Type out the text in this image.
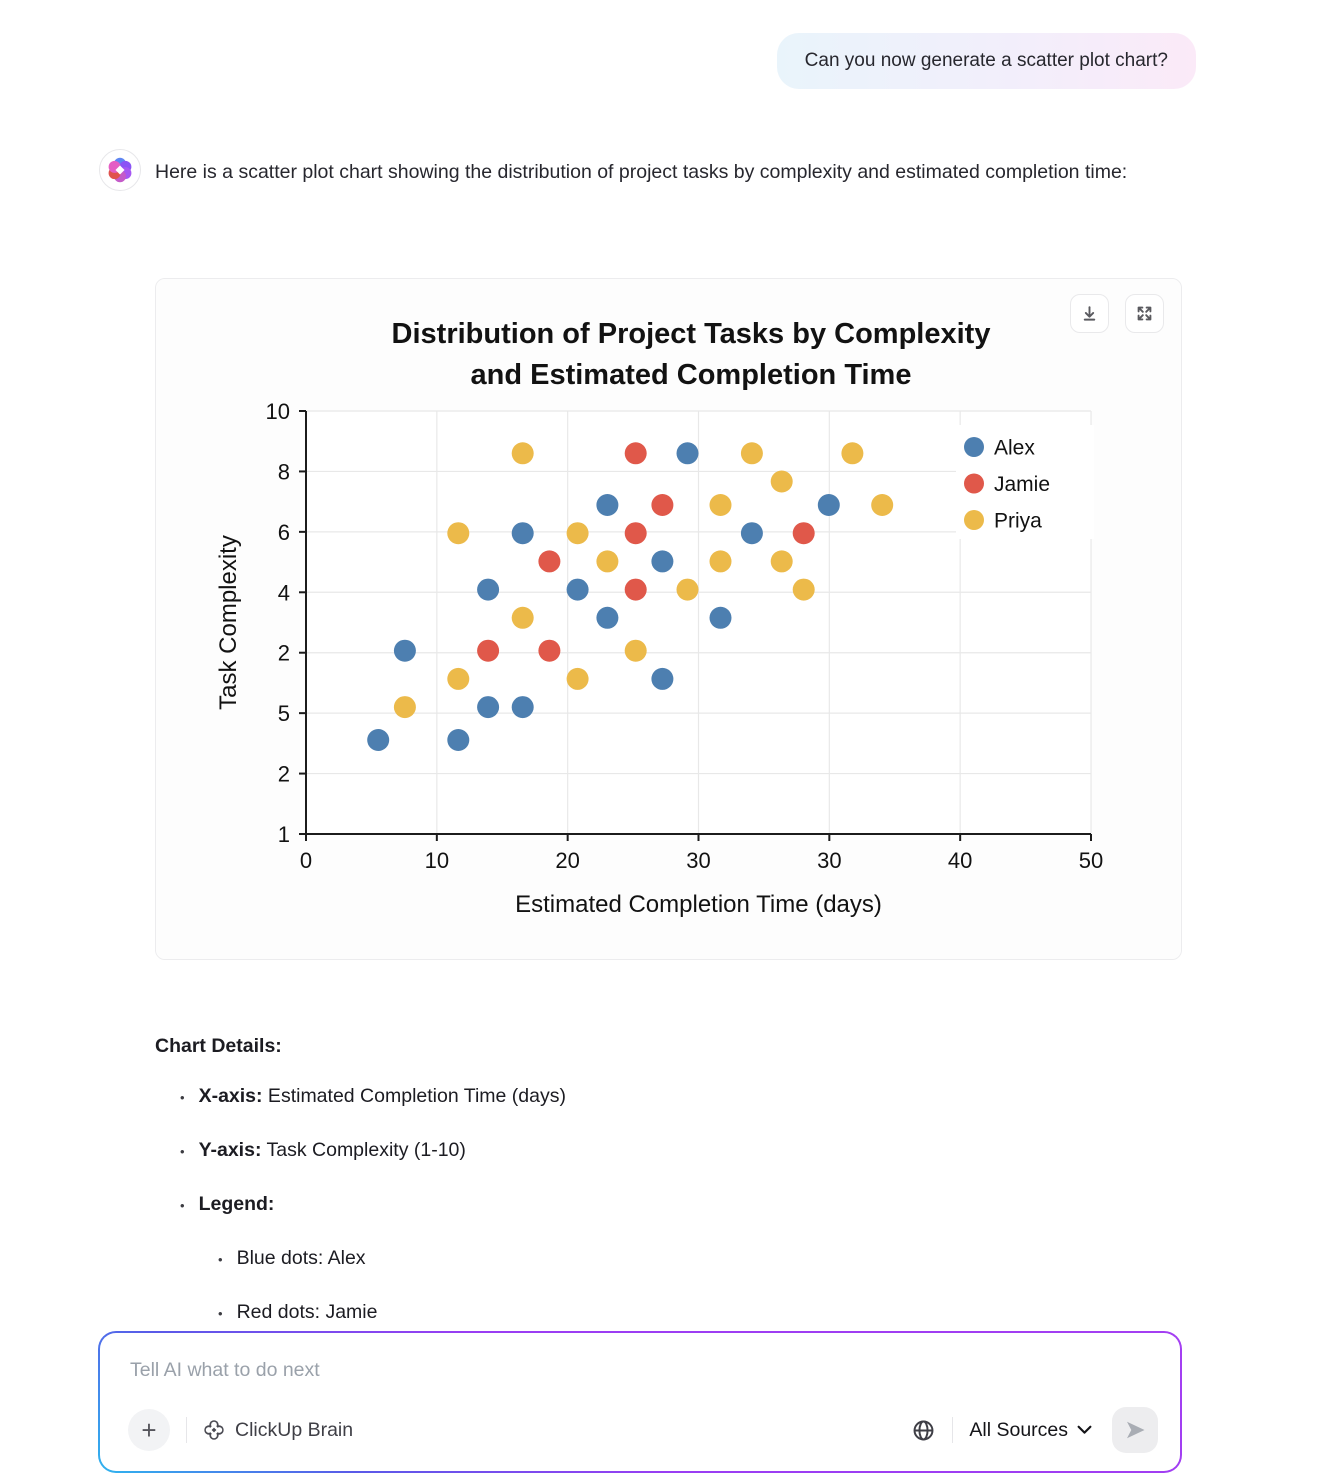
Can you now generate a scatter plot chart?
Here is a scatter plot chart showing the distribution of project tasks by complexity and estimated completion time:
Distribution of Project Tasks by Complexity
and Estimated Completion Time
0	10	20	30	30	40	50
10
8
6
4
2
5
2
1
Estimated Completion Time (days)
Task Complexity
Alex
Jamie
Priya
Chart Details:
• X-axis: Estimated Completion Time (days)
• Y-axis: Task Complexity (1-10)
• Legend:
• Blue dots: Alex
• Red dots: Jamie
Tell AI what to do next
+	ClickUp Brain	All Sources
